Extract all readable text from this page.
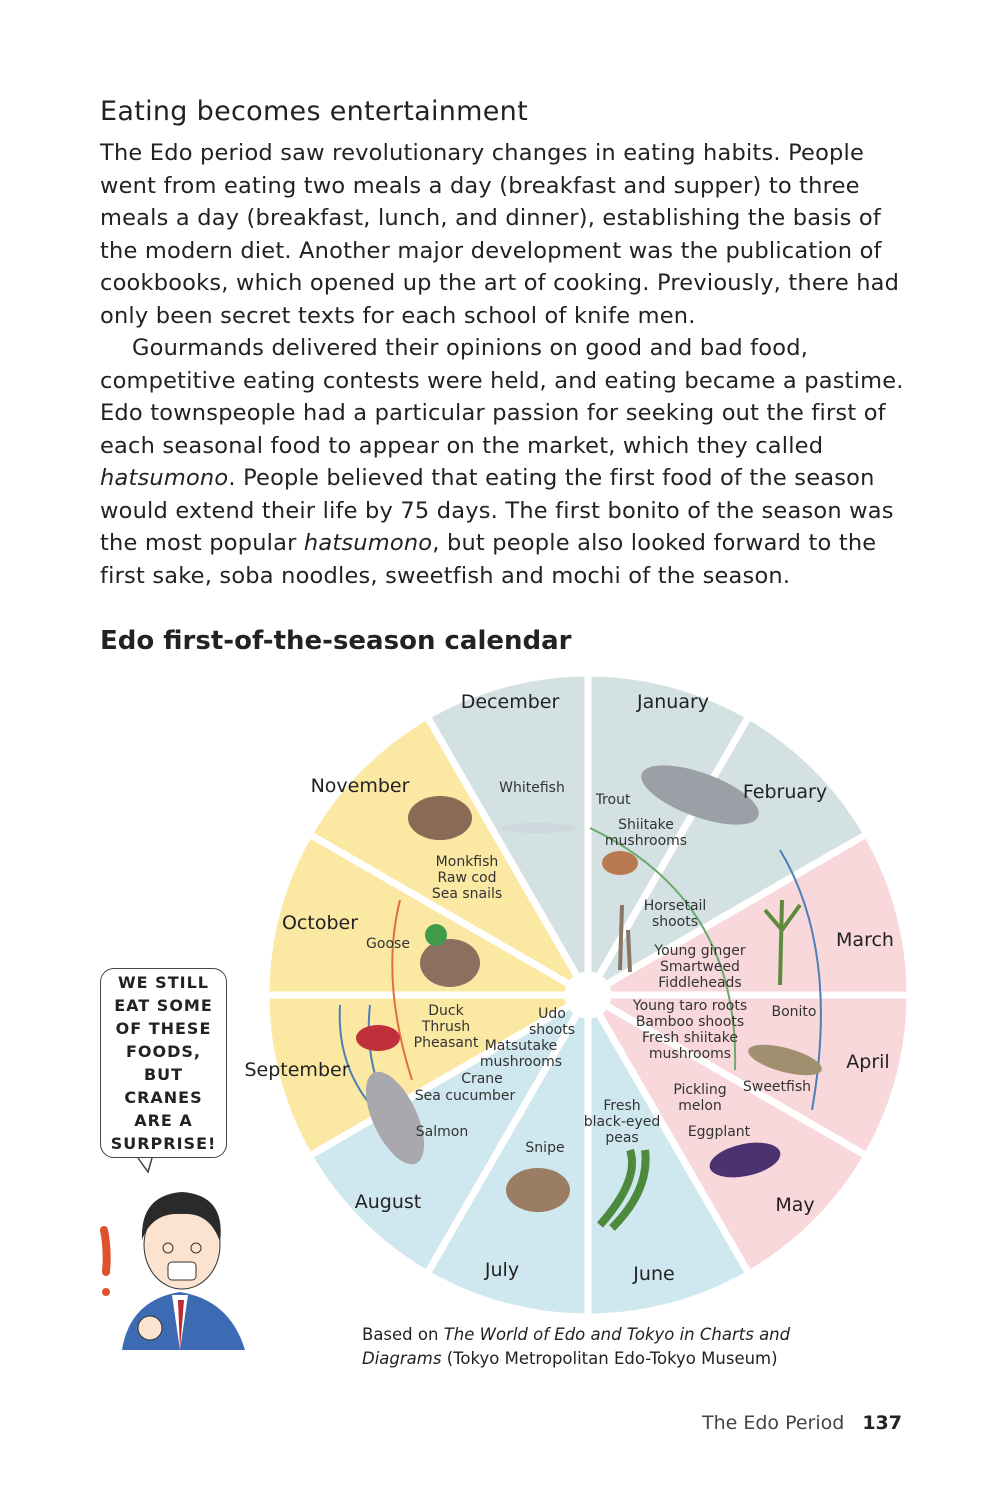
Eating becomes entertainment

The Edo period saw revolutionary changes in eating habits. People went from eating two meals a day (breakfast and supper) to three meals a day (breakfast, lunch, and dinner), establishing the basis of the modern diet. Another major development was the publication of cookbooks, which opened up the art of cooking. Previously, there had only been secret texts for each school of knife men.

Gourmands delivered their opinions on good and bad food, competitive eating contests were held, and eating became a pastime. Edo townspeople had a particular passion for seeking out the first of each seasonal food to appear on the market, which they called hatsumono. People believed that eating the first food of the season would extend their life by 75 days. The first bonito of the season was the most popular hatsumono, but people also looked forward to the first sake, soba noodles, sweetfish and mochi of the season.

Edo first-of-the-season calendar
January
February
March
April
May
June
July
August
September
October
November
December
Whitefish
Trout
Shiitake
mushrooms
Monkfish
Raw cod
Sea snails
Goose
Horsetail
shoots
Young ginger
Smartweed
Fiddleheads
Duck
Thrush
Pheasant
Udo
shoots
Young taro roots
Bamboo shoots
Fresh shiitake
mushrooms
Bonito
Matsutake
mushrooms
Crane
Sea cucumber
Salmon
Sweetfish
Pickling
melon
Fresh
black-eyed
peas	Eggplant
Snipe
WE STILL
EAT SOME
OF THESE
FOODS, BUT
CRANES
ARE A
SURPRISE!
Based on The World of Edo and Tokyo in Charts and Diagrams (Tokyo Metropolitan Edo-Tokyo Museum)
The Edo Period 137
